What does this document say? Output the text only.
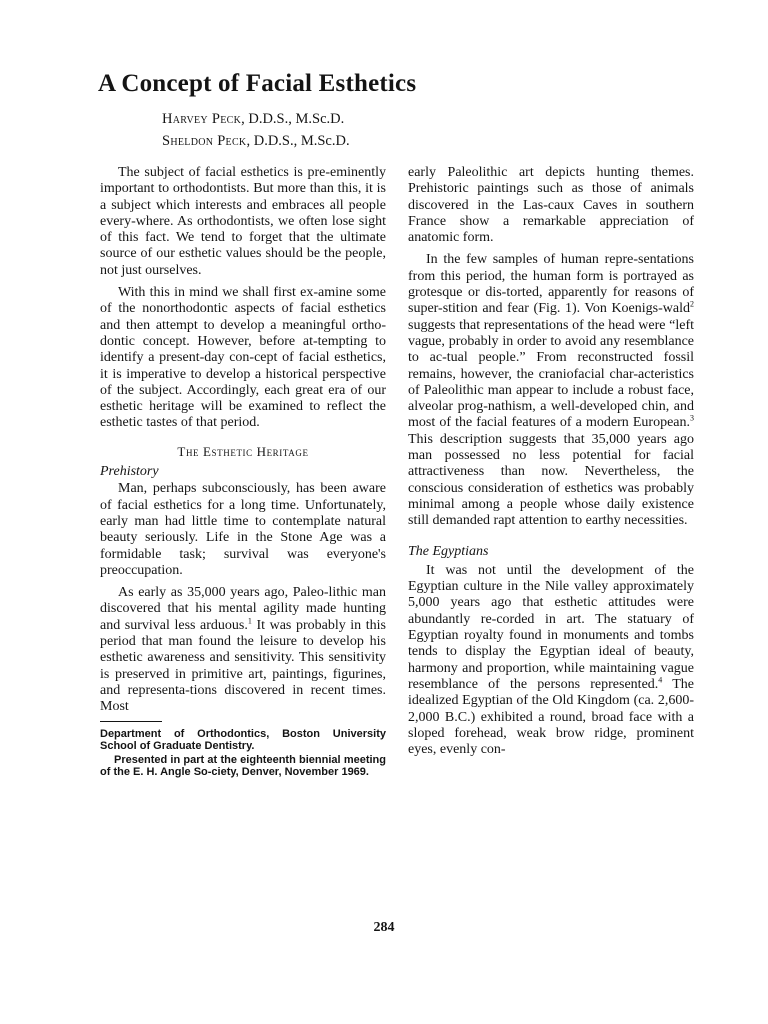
A Concept of Facial Esthetics
Harvey Peck, D.D.S., M.Sc.D.
Sheldon Peck, D.D.S., M.Sc.D.

The subject of facial esthetics is pre-eminently important to orthodontists. But more than this, it is a subject which interests and embraces all people every-where. As orthodontists, we often lose sight of this fact. We tend to forget that the ultimate source of our esthetic values should be the people, not just ourselves.

With this in mind we shall first ex-amine some of the nonorthodontic aspects of facial esthetics and then attempt to develop a meaningful ortho-dontic concept. However, before at-tempting to identify a present-day con-cept of facial esthetics, it is imperative to develop a historical perspective of the subject. Accordingly, each great era of our esthetic heritage will be examined to reflect the esthetic tastes of that period.

The Esthetic Heritage
Prehistory

Man, perhaps subconsciously, has been aware of facial esthetics for a long time. Unfortunately, early man had little time to contemplate natural beauty seriously. Life in the Stone Age was a formidable task; survival was everyone's preoccupation.

As early as 35,000 years ago, Paleo-lithic man discovered that his mental agility made hunting and survival less arduous.$^1$ It was probably in this period that man found the leisure to develop his esthetic awareness and sensitivity. This sensitivity is preserved in primitive art, paintings, figurines, and representa-tions discovered in recent times. Most

Department of Orthodontics, Boston University School of Graduate Dentistry.

Presented in part at the eighteenth biennial meeting of the E. H. Angle So-ciety, Denver, November 1969.

early Paleolithic art depicts hunting themes. Prehistoric paintings such as those of animals discovered in the Las-caux Caves in southern France show a remarkable appreciation of anatomic form.

In the few samples of human repre-sentations from this period, the human form is portrayed as grotesque or dis-torted, apparently for reasons of super-stition and fear (Fig. 1). Von Koenigs-wald$^2$ suggests that representations of the head were “left vague, probably in order to avoid any resemblance to ac-tual people.” From reconstructed fossil remains, however, the craniofacial char-acteristics of Paleolithic man appear to include a robust face, alveolar prog-nathism, a well-developed chin, and most of the facial features of a modern European.$^3$ This description suggests that 35,000 years ago man possessed no less potential for facial attractiveness than now. Nevertheless, the conscious consideration of esthetics was probably minimal among a people whose daily existence still demanded rapt attention to earthy necessities.

The Egyptians

It was not until the development of the Egyptian culture in the Nile valley approximately 5,000 years ago that esthetic attitudes were abundantly re-corded in art. The statuary of Egyptian royalty found in monuments and tombs tends to display the Egyptian ideal of beauty, harmony and proportion, while maintaining vague resemblance of the persons represented.$^4$ The idealized Egyptian of the Old Kingdom (ca. 2,600-2,000 B.C.) exhibited a round, broad face with a sloped forehead, weak brow ridge, prominent eyes, evenly con-

284
